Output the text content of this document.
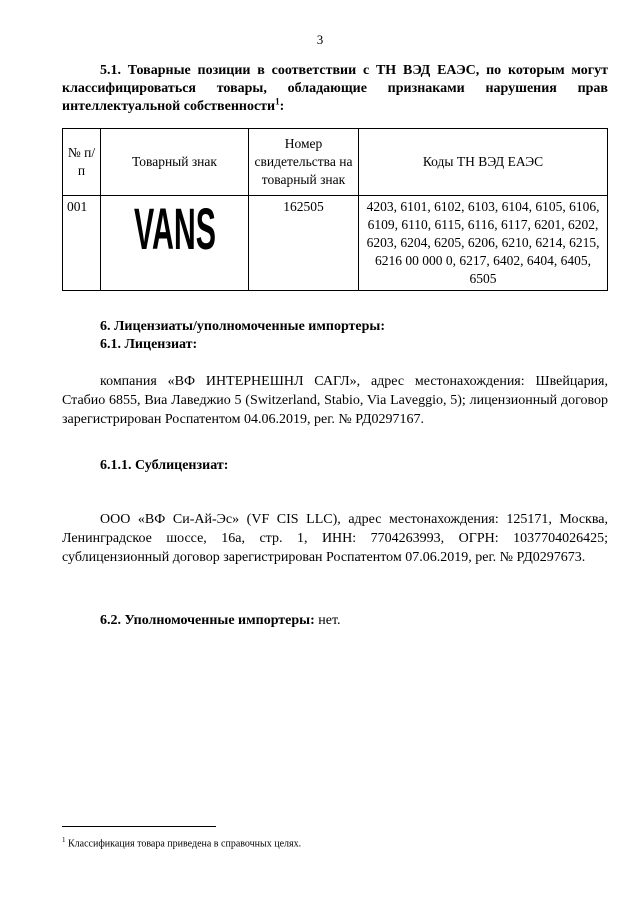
3

5.1. Товарные позиции в соответствии с ТН ВЭД ЕАЭС, по которым могут классифицироваться товары, обладающие признаками нарушения прав интеллектуальной собственности$^1$:

№ п/п	Товарный знак	Номер свидетельства на товарный знак	Коды ТН ВЭД ЕАЭС
001	VANS	162505	4203, 6101, 6102, 6103, 6104, 6105, 6106, 6109, 6110, 6115, 6116, 6117, 6201, 6202, 6203, 6204, 6205, 6206, 6210, 6214, 6215, 6216 00 000 0, 6217, 6402, 6404, 6405, 6505

6. Лицензиаты/уполномоченные импортеры:

6.1. Лицензиат:

компания «ВФ ИНТЕРНЕШНЛ САГЛ», адрес местонахождения: Швейцария, Стабио 6855, Виа Лаведжио 5 (Switzerland, Stabio, Via Laveggio, 5); лицензионный договор зарегистрирован Роспатентом 04.06.2019, рег. № РД0297167.

6.1.1. Сублицензиат:

ООО «ВФ Си-Ай-Эс» (VF CIS LLC), адрес местонахождения: 125171, Москва, Ленинградское шоссе, 16а, стр. 1, ИНН: 7704263993, ОГРН: 1037704026425; сублицензионный договор зарегистрирован Роспатентом 07.06.2019, рег. № РД0297673.

6.2. Уполномоченные импортеры: нет.

$^1$ Классификация товара приведена в справочных целях.
